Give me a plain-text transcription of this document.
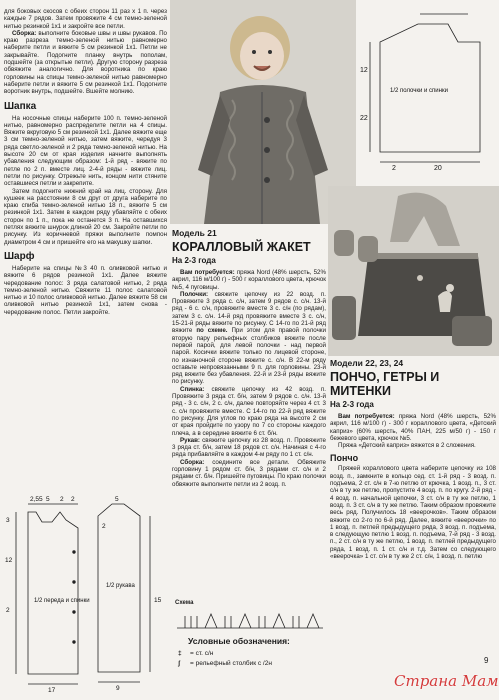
для боковых скосов с обеих сторон 11 раз х 1 п. через каждые 7 рядов. Затем провяжите 4 см темно-зеленой нитью резинкой 1х1 и закройте все петли.

Сборка: выполните боковые швы и швы рукавов. По краю разреза темно-зеленой нитью равномерно наберите петли и вяжите 5 см резинкой 1х1. Петли не закрывайте. Подогните планку внутрь пополам, подшейте (за открытые петли). Другую сторону разреза обвяжите аналогично. Для воротника по краю горловины на спицы темно-зеленой нитью равномерно наберите петли и вяжите 5 см резинкой 1х1. Подогните воротник внутрь, подшейте. Вшейте молнию.

Шапка

На носочные спицы наберите 100 п. темно-зеленой нитью, равномерно распределите петли на 4 спицы. Вяжите вкруговую 5 см резинкой 1х1. Далее вяжите еще 3 см темно-зеленой нитью, затем вяжите, чередуя 3 ряда светло-зеленой и 2 ряда темно-зеленой нитью. На высоте 20 см от края изделия начните выполнять убавления следующим образом: 1-й ряд - вяжите по петле по 2 п. вместе лиц. 2-4-й ряды - вяжите лиц. петли по рисунку. Отрежьте нить, концом нити стяните оставшиеся петли и закрепите.

Затем подогните нижний край на лиц. сторону. Для кушеек на расстоянии 8 см друг от друга наберите по краю спиба темно-зеленой нитью 18 п., вяжите 5 см резинкой 1х1. Затем в каждом ряду убавляйте с обеих сторон по 1 п., пока не останется 3 п. На оставшихся петлях вяжите шнурок длиной 20 см. Закройте петли по рисунку. Из коричневой пряжи выполните помпон диаметром 4 см и пришейте его на макушку шапки.

Шарф

Наберите на спицы №3 40 п. оливковой нитью и вяжите 6 рядов резинкой 1х1. Далее вяжите чередование полос: 3 ряда салатовой нитью, 2 ряда темно-зеленой нитью. Свяжите 11 полос салатовой нитью и 10 полос оливковой нитью. Далее вяжите 58 см оливковой нитью резинкой 1х1, затем снова - чередование полос. Петли закройте.

2,55 5 2 2
12
2
3
17
15
9
5
2
1/2 переда и спинки
1/2 рукава
2	20
12
22
1/2 полочки и спинки

Модель 21

КОРАЛЛОВЫЙ ЖАКЕТ

На 2-3 года

Вам потребуется: пряжа Nord (48% шерсть, 52% акрил, 116 м/100 г) - 500 г кораллового цвета, крючок №5, 4 пуговицы.

Полочки: свяжите цепочку из 22 возд. п. Провяжите 3 ряда с. с/н, затем 9 рядов с. с/н. 13-й ряд - 6 с. с/н, провяжите вместе 3 с. с/н (по рядам), затем 3 с. с/н. 14-й ряд провяжите вместе 3 с. с/н, 15-21-й ряды вяжите по рисунку. С 14-го по 21-й ряд вяжите по схеме. При этом для правой полочки вторую пару рельефных столбиков вяжите после первой парой, для левой полочки - над первой парой. Косички вяжите только по лицевой стороне, по изнаночной стороне вяжите с. с/н. В 22-м ряду оставьте непровязанными 9 п. для горловины. 23-й ряд вяжите без убавления. 22-й и 23-й ряды вяжите по рисунку.

Спинка: свяжите цепочку из 42 возд. п. Провяжите 3 ряда ст. б/н, затем 9 рядов с. с/н. 13-й ряд - 3 с. с/н, 2 с. с/н, далее повторяйте через 4 ст. 3 с. с/н провяжите вместе. С 14-го по 22-й ряд вяжите по рисунку. Для углов по краю ряда на высоте 2 см от края пройдите по узору по 7 со стороны каждого плеча, а в середине вяжите 6 ст. б/н.

Рукав: свяжите цепочку из 28 возд. п. Провяжите 3 ряда ст. б/н, затем 18 рядов ст. с/н. Начиная с 4-го ряда прибавляйте в каждом 4-м ряду по 1 ст. с/н.

Сборка: соедините все детали. Обвяжите горловину 1 рядом ст. б/н, 3 рядами ст. с/н и 2 рядами ст. б/н. Пришейте пуговицы. По краю полочки обвяжите выполните петли из 2 возд. п.

Схема
Условные обозначения:
‡ = ст. с/н
ʃ = рельефный столбик с /2н

Модели 22, 23, 24

ПОНЧО, ГЕТРЫ И МИТЕНКИ

На 2-3 года

Вам потребуется: пряжа Nord (48% шерсть, 52% акрил, 116 м/100 г) - 300 г кораллового цвета, «Детский каприз» (60% шерсть, 40% ПАН, 225 м/50 г) - 150 г бежевого цвета, крючок №5.

Пряжа «Детский каприз» вяжется в 2 сложения.

Пончо

Пряжей кораллового цвета наберите цепочку из 108 возд. п., замкните в кольцо сед. ст. 1-й ряд - 3 возд. п. подъема, 2 ст. с/н в 7-ю петлю от крючка, 1 возд. п., 3 ст. с/н в ту же петлю, пропустите 4 возд. п. по кругу. 2-й ряд - 4 возд. п. начальной цепочки, 3 ст. с/н в ту же петлю, 1 возд. п. 3 ст. с/н в ту же петлю. Таким образом провяжите весь ряд. Получилось 18 «веерочков». Таким образом вяжите со 2-го по 6-й ряд. Далее, вяжите «веерочки» по 1 возд. п. петлей предыдущего ряда, 3 возд. п. подъема, в следующую петлю 1 возд. п. подъема, 7-й ряд - 3 возд. п., 2 ст. с/н в ту же петлю, 1 возд. п. петлей предыдущего ряда, 1 возд. п. 1 ст. с/н и т.д. Затем со следующего «веерочка» 1 ст. с/н в ту же 2 ст. с/н, 1 возд. п. петлю

9
Страна Мам
